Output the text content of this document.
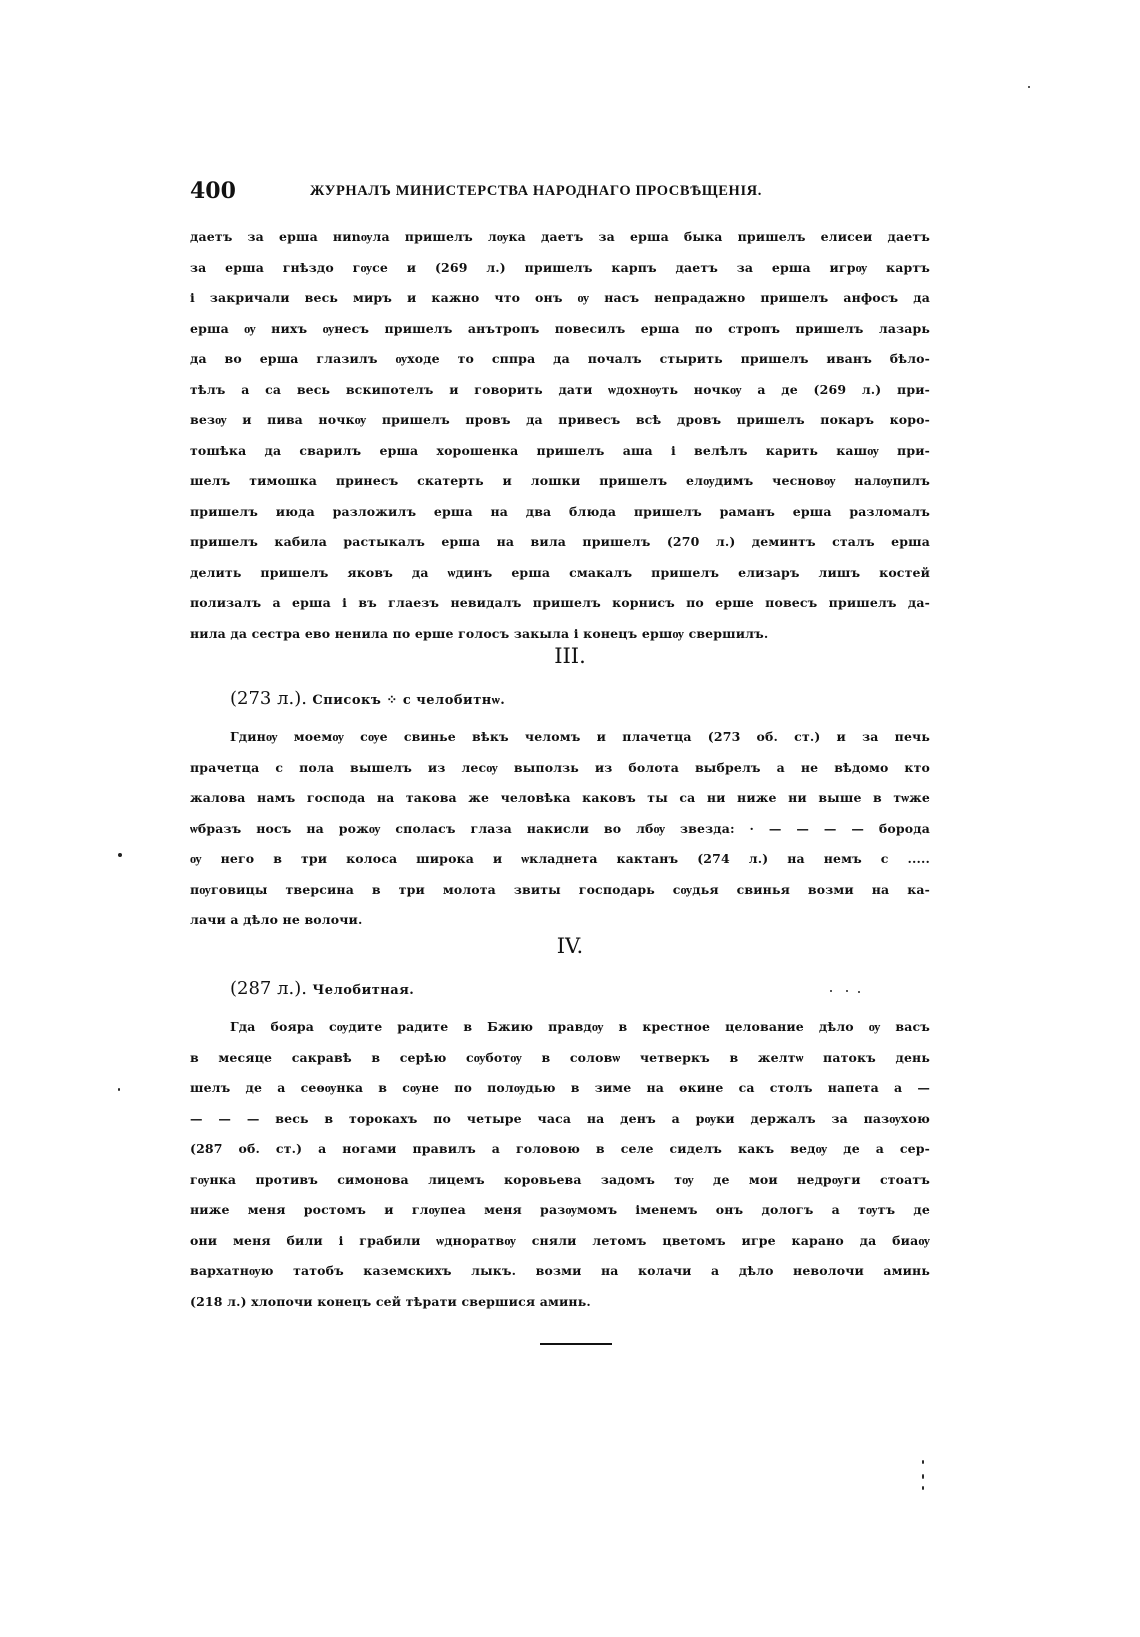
400	ЖУРНАЛЪ МИНИСТЕРСТВА НАРОДНАГО ПРОСВѢЩЕНІЯ.
даетъ за ерша ниnѹла пришелъ лѹка даетъ за ерша быка пришелъ елисеи даетъ
за ерша гнѣздо гѹсе и (269 л.) пришелъ карпъ даетъ за ерша игрѹ картъ
і закричали весь миръ и кажно что онъ ѹ насъ непрадажно пришелъ анфосъ да
ерша ѹ нихъ ѹнесъ пришелъ анътропъ повесилъ ерша по стропъ пришелъ лазарь
да во ерша глазилъ ѹходе то сппра да почалъ стырить пришелъ иванъ бѣло-
тѣлъ а са весь вскипотелъ и говорить дати ѡдохнѹть ночкѹ а де (269 л.) при-
везѹ и пива ночкѹ пришелъ провъ да привесъ всѣ дровъ пришелъ покаръ коро-
тошѣка да сварилъ ерша хорошенка пришелъ аша і велѣлъ карить кашѹ при-
шелъ тимошка принесъ скатерть и лошки пришелъ елѹдимъ чесновѹ налѹпилъ
пришелъ июда разложилъ ерша на два блюда пришелъ раманъ ерша разломалъ
пришелъ кабила растыкалъ ерша на вила пришелъ (270 л.) деминтъ сталъ ерша
делить пришелъ яковъ да ѡдинъ ерша смакалъ пришелъ елизаръ лишъ костей
полизалъ а ерша і въ глаезъ невидалъ пришелъ корнисъ по ерше повесъ пришелъ да-
нила да сестра ево ненила по ерше голосъ закыла і конецъ ершѹ свершилъ.
III.
(273 л.). Списокъ ⁘ с челобитнѡ.
Гдинѹ моемѹ сѹе свинье вѣкъ челомъ и плачетца (273 об. ст.) и за печь
прачетца с пола вышелъ из лесѹ выползь из болота выбрелъ а не вѣдомо кто
жалова намъ господа на такова же человѣка каковъ ты са ни ниже ни выше в тѡже
ѡбразъ носъ на рожѹ споласъ глаза накисли во лбѹ звезда: · — — — — борода
ѹ него в три колоса широка и ѡкладнета кактанъ (274 л.) на немъ с .....
пѹговицы тверсина в три молота звиты господарь сѹдья свинья возми на ка-
лачи а дѣло не волочи.
IV.
(287 л.). Челобитная.
Гда бояра сѹдите радите в Бжию правдѹ в крестное целование дѣло ѹ васъ
в месяце сакравѣ в серѣю сѹботѹ в соловѡ четверкъ в желтѡ патокъ день
шелъ де а сеѳѹнка в сѹне по полѹдью в зиме на ѳкине са столъ напета а —
— — — весь в торокахъ по четыре часа на денъ а рѹки держалъ за пазѹхою
(287 об. ст.) а ногами правилъ а головою в селе сиделъ какъ ведѹ де а сер-
гѹнка противъ симонова лицемъ коровьева задомъ тѹ де мои недрѹги стоатъ
ниже меня ростомъ и глѹпеа меня разѹмомъ іменемъ онъ дологъ а тѹтъ де
они меня били і грабили ѡдноратвѹ сняли летомъ цветомъ игре карано да биаѹ
вархатнѹю татобъ каземскихъ лыкъ. возми на колачи а дѣло неволочи аминь
(218 л.) хлопочи конецъ сей тѣрати свершися аминь.
